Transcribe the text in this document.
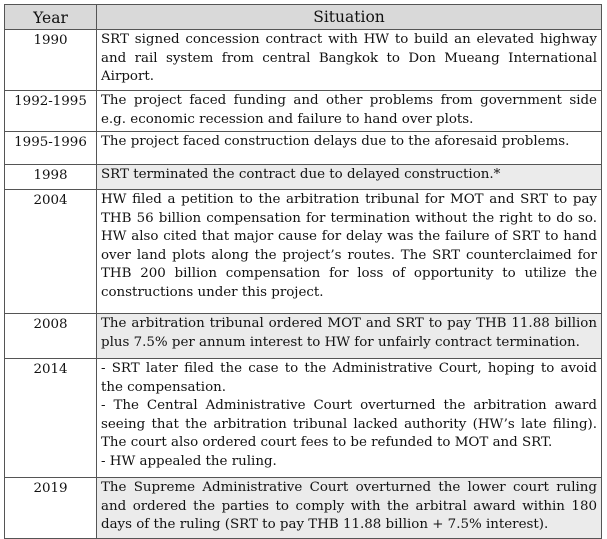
Year	Situation
1990	SRT signed concession contract with HW to build an elevated highway and rail system from central Bangkok to Don Mueang International Airport.

1992-1995	The project faced funding and other problems from government side e.g. economic recession and failure to hand over plots.

1995-1996	The project faced construction delays due to the aforesaid problems.

1998	SRT terminated the contract due to delayed construction.*

2004	HW filed a petition to the arbitration tribunal for MOT and SRT to pay THB 56 billion compensation for termination without the right to do so. HW also cited that major cause for delay was the failure of SRT to hand over land plots along the project’s routes. The SRT counterclaimed for THB 200 billion compensation for loss of opportunity to utilize the constructions under this project.

2008	The arbitration tribunal ordered MOT and SRT to pay THB 11.88 billion plus 7.5% per annum interest to HW for unfairly contract termination.

2014	- SRT later filed the case to the Administrative Court, hoping to avoid the compensation.

- The Central Administrative Court overturned the arbitration award seeing that the arbitration tribunal lacked authority (HW’s late filing). The court also ordered court fees to be refunded to MOT and SRT.

- HW appealed the ruling.

2019	The Supreme Administrative Court overturned the lower court ruling and ordered the parties to comply with the arbitral award within 180 days of the ruling (SRT to pay THB 11.88 billion + 7.5% interest).
